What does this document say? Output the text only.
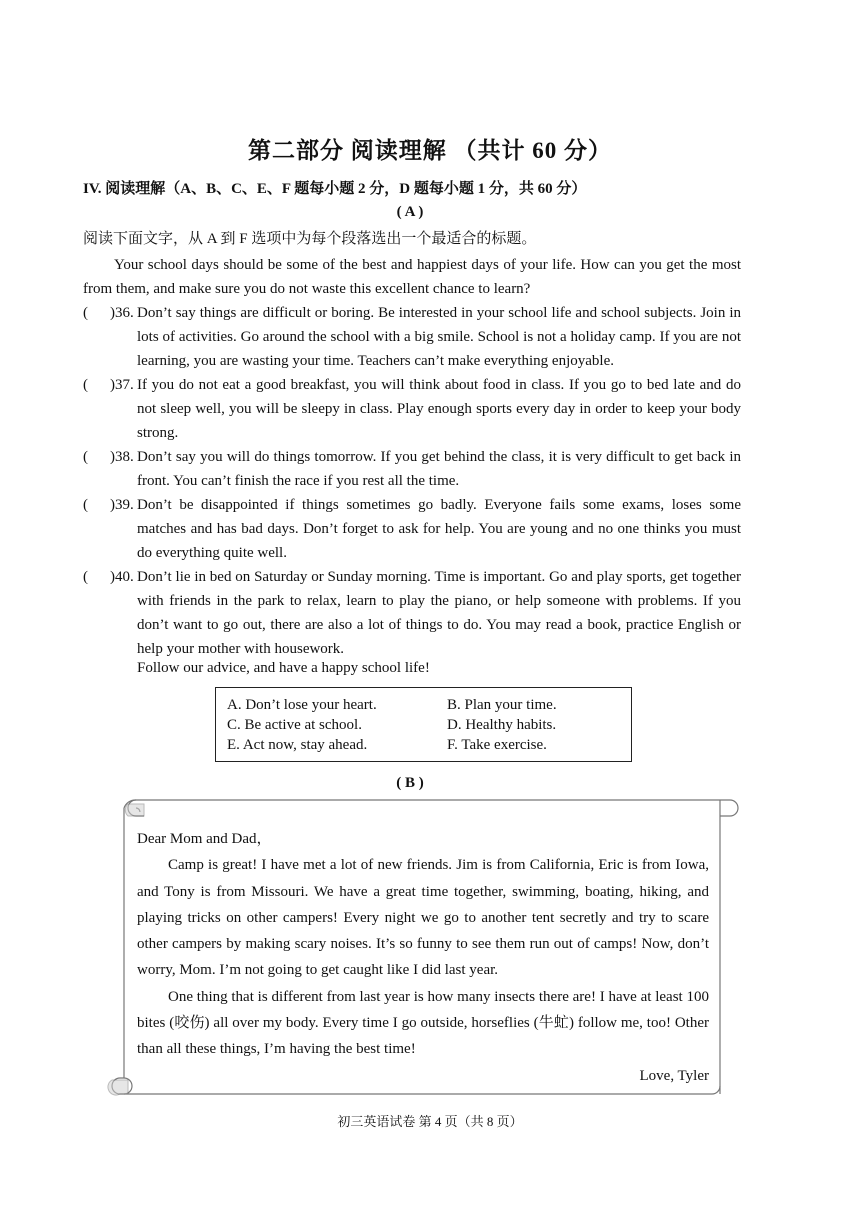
第二部分 阅读理解 （共计 60 分）
IV. 阅读理解（A、B、C、E、F 题每小题 2 分，D 题每小题 1 分，共 60 分）
( A )
阅读下面文字，从 A 到 F 选项中为每个段落选出一个最适合的标题。
Your school days should be some of the best and happiest days of your life. How can you get the most from them, and make sure you do not waste this excellent chance to learn?
( )36. Don’t say things are difficult or boring. Be interested in your school life and school subjects. Join in lots of activities. Go around the school with a big smile. School is not a holiday camp. If you are not learning, you are wasting your time. Teachers can’t make everything enjoyable.
( )37. If you do not eat a good breakfast, you will think about food in class. If you go to bed late and do not sleep well, you will be sleepy in class. Play enough sports every day in order to keep your body strong.
( )38. Don’t say you will do things tomorrow. If you get behind the class, it is very difficult to get back in front. You can’t finish the race if you rest all the time.
( )39. Don’t be disappointed if things sometimes go badly. Everyone fails some exams, loses some matches and has bad days. Don’t forget to ask for help. You are young and no one thinks you must do everything quite well.
( )40. Don’t lie in bed on Saturday or Sunday morning. Time is important. Go and play sports, get together with friends in the park to relax, learn to play the piano, or help someone with problems. If you don’t want to go out, there are also a lot of things to do. You may read a book, practice English or help your mother with housework.
Follow our advice, and have a happy school life!
A. Don’t lose your heart.	B. Plan your time.
C. Be active at school.	D. Healthy habits.
E. Act now, stay ahead.	F. Take exercise.
( B )

Dear Mom and Dad，

Camp is great! I have met a lot of new friends. Jim is from California, Eric is from Iowa, and Tony is from Missouri. We have a great time together, swimming, boating, hiking, and playing tricks on other campers! Every night we go to another tent secretly and try to scare other campers by making scary noises. It’s so funny to see them run out of camps! Now, don’t worry, Mom. I’m not going to get caught like I did last year.

One thing that is different from last year is how many insects there are! I have at least 100 bites (咬伤) all over my body. Every time I go outside, horseflies (牛虻) follow me, too! Other than all these things, I’m having the best time!

Love, Tyler

初三英语试卷 第 4 页（共 8 页）
